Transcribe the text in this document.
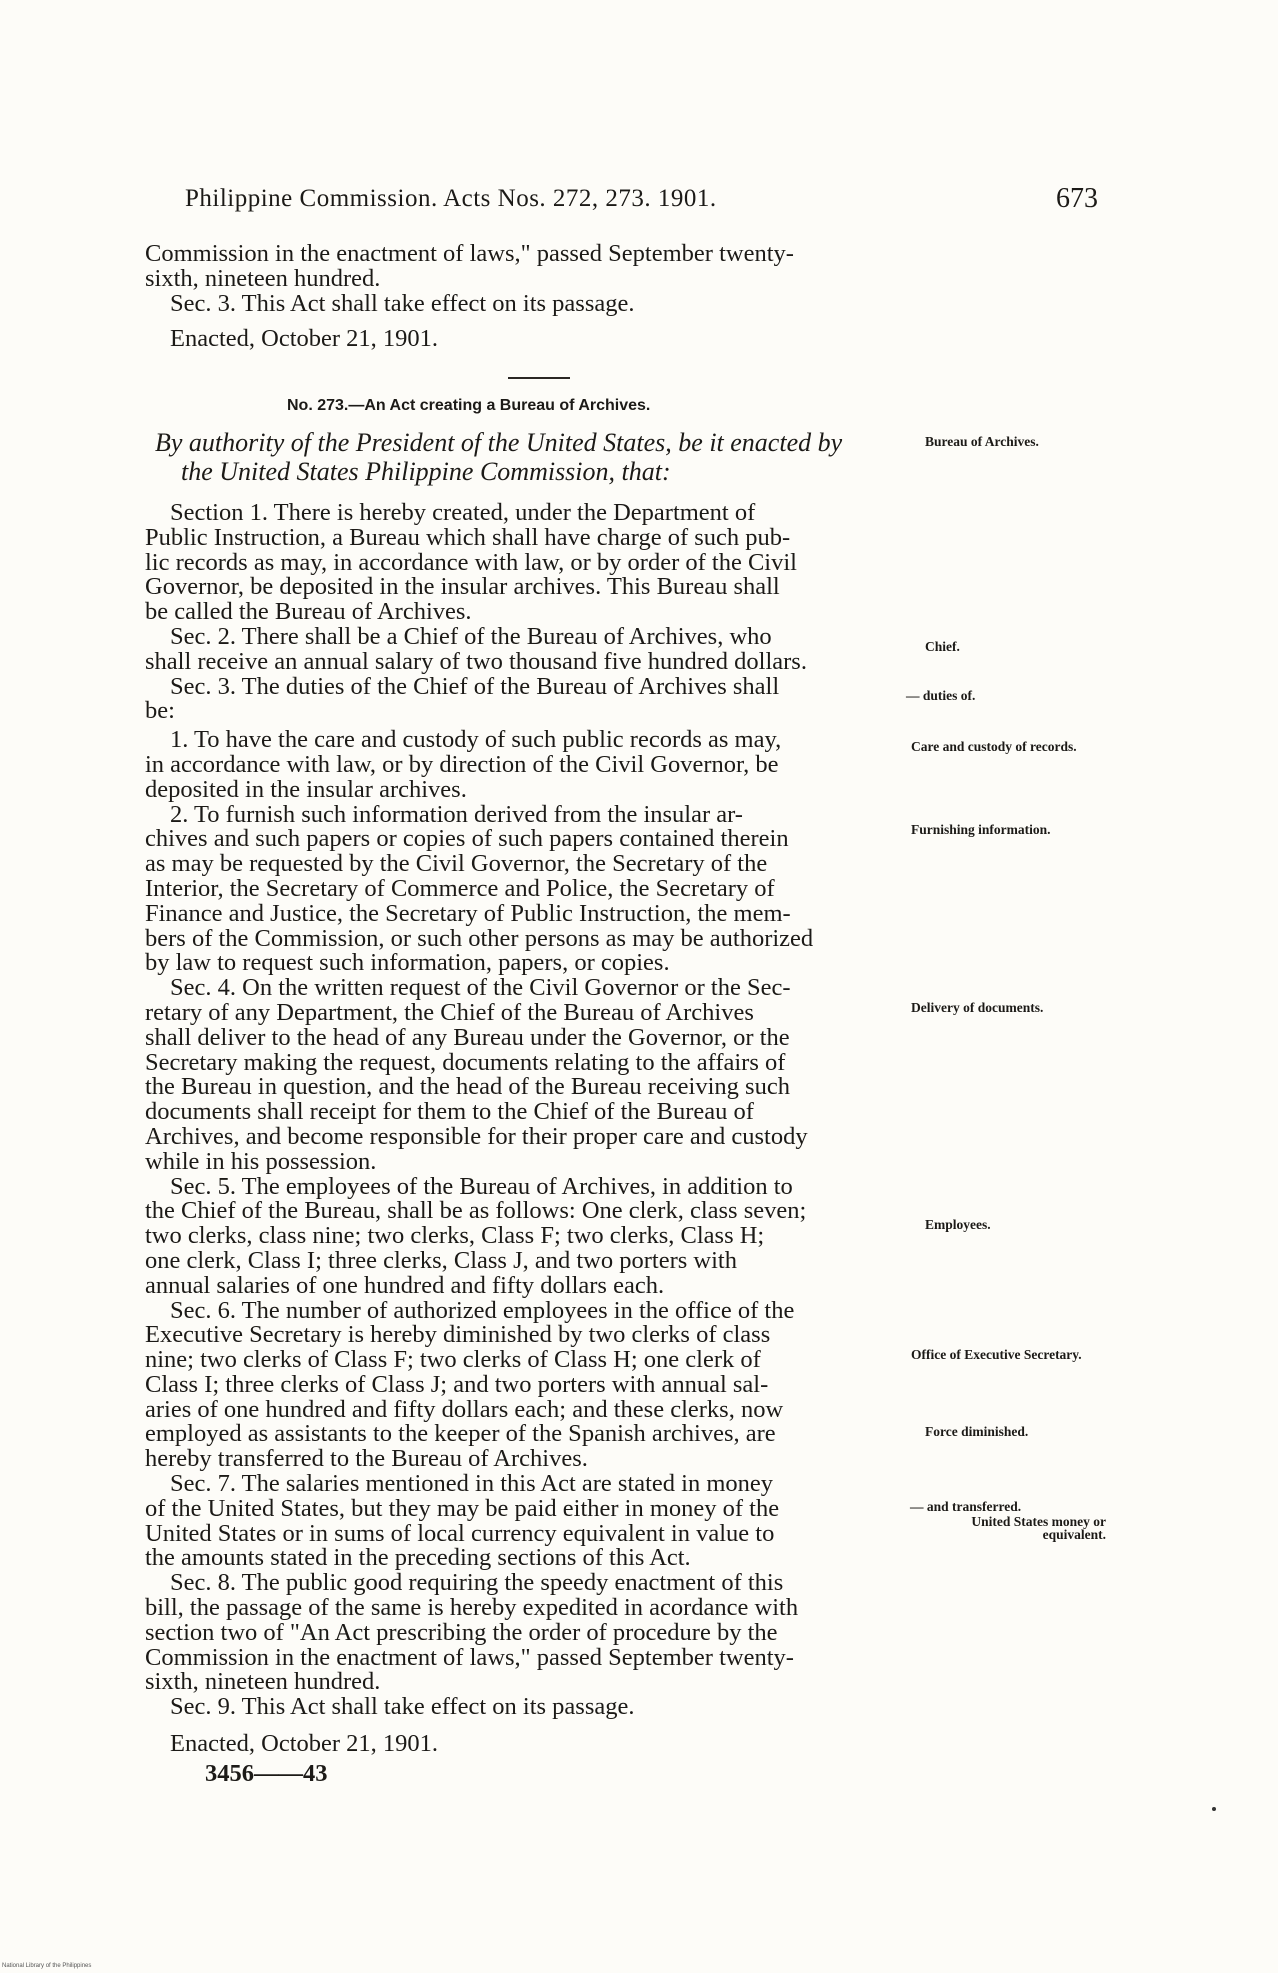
Philippine Commission. Acts Nos. 272, 273. 1901.	673

Commission in the enactment of laws," passed September twenty-

sixth, nineteen hundred.

Sec. 3. This Act shall take effect on its passage.

Enacted, October 21, 1901.

No. 273.—An Act creating a Bureau of Archives.

By authority of the President of the United States, be it enacted by

the United States Philippine Commission, that:

Section 1. There is hereby created, under the Department of

Public Instruction, a Bureau which shall have charge of such pub-

lic records as may, in accordance with law, or by order of the Civil

Governor, be deposited in the insular archives. This Bureau shall

be called the Bureau of Archives.

Sec. 2. There shall be a Chief of the Bureau of Archives, who

shall receive an annual salary of two thousand five hundred dollars.

Sec. 3. The duties of the Chief of the Bureau of Archives shall

be:

1. To have the care and custody of such public records as may,

in accordance with law, or by direction of the Civil Governor, be

deposited in the insular archives.

2. To furnish such information derived from the insular ar-

chives and such papers or copies of such papers contained therein

as may be requested by the Civil Governor, the Secretary of the

Interior, the Secretary of Commerce and Police, the Secretary of

Finance and Justice, the Secretary of Public Instruction, the mem-

bers of the Commission, or such other persons as may be authorized

by law to request such information, papers, or copies.

Sec. 4. On the written request of the Civil Governor or the Sec-

retary of any Department, the Chief of the Bureau of Archives

shall deliver to the head of any Bureau under the Governor, or the

Secretary making the request, documents relating to the affairs of

the Bureau in question, and the head of the Bureau receiving such

documents shall receipt for them to the Chief of the Bureau of

Archives, and become responsible for their proper care and custody

while in his possession.

Sec. 5. The employees of the Bureau of Archives, in addition to

the Chief of the Bureau, shall be as follows: One clerk, class seven;

two clerks, class nine; two clerks, Class F; two clerks, Class H;

one clerk, Class I; three clerks, Class J, and two porters with

annual salaries of one hundred and fifty dollars each.

Sec. 6. The number of authorized employees in the office of the

Executive Secretary is hereby diminished by two clerks of class

nine; two clerks of Class F; two clerks of Class H; one clerk of

Class I; three clerks of Class J; and two porters with annual sal-

aries of one hundred and fifty dollars each; and these clerks, now

employed as assistants to the keeper of the Spanish archives, are

hereby transferred to the Bureau of Archives.

Sec. 7. The salaries mentioned in this Act are stated in money

of the United States, but they may be paid either in money of the

United States or in sums of local currency equivalent in value to

the amounts stated in the preceding sections of this Act.

Sec. 8. The public good requiring the speedy enactment of this

bill, the passage of the same is hereby expedited in acordance with

section two of "An Act prescribing the order of procedure by the

Commission in the enactment of laws," passed September twenty-

sixth, nineteen hundred.

Sec. 9. This Act shall take effect on its passage.

Enacted, October 21, 1901.

3456——43

Bureau of Archives.
Chief.
— duties of.
Care and custody of records.
Furnishing information.
Delivery of documents.
Employees.
Office of Executive Secretary.
Force diminished.
— and transferred.
United States money or equivalent.
National Library of the Philippines
